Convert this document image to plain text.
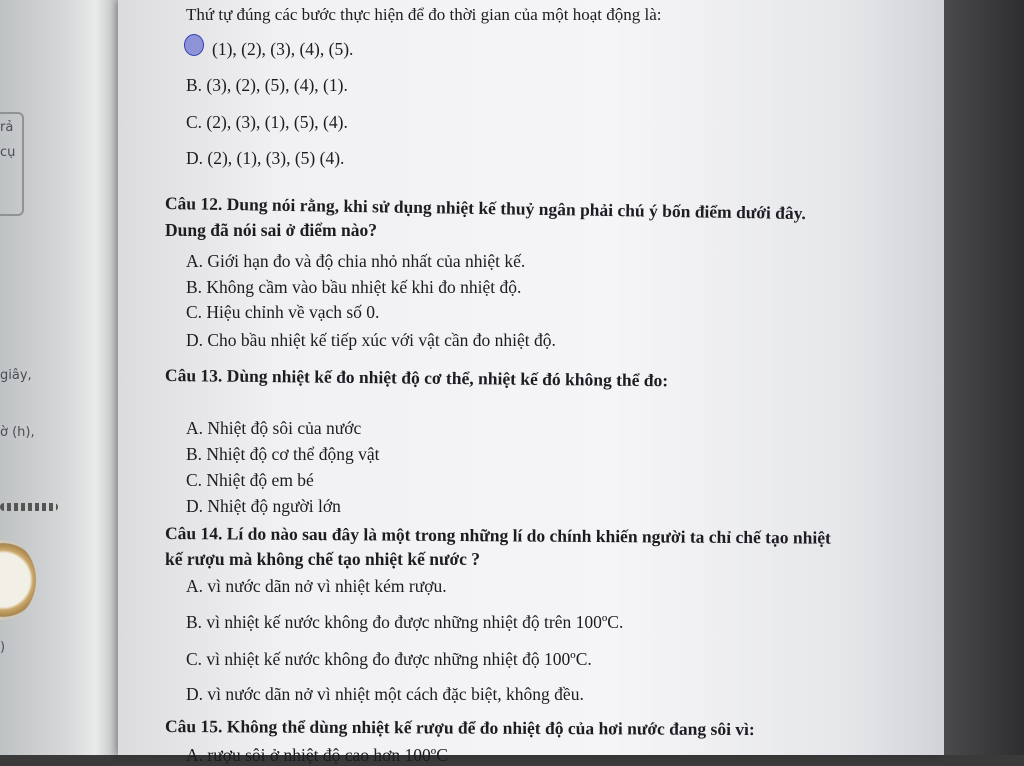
rả
cụ
giây,
ờ (h),
)
Thứ tự đúng các bước thực hiện để đo thời gian của một hoạt động là:
(1), (2), (3), (4), (5).
B. (3), (2), (5), (4), (1).
C. (2), (3), (1), (5), (4).
D. (2), (1), (3), (5) (4).
Câu 12. Dung nói rằng, khi sử dụng nhiệt kế thuỷ ngân phải chú ý bốn điểm dưới đây.
Dung đã nói sai ở điểm nào?
A. Giới hạn đo và độ chia nhỏ nhất của nhiệt kế.
B. Không cầm vào bầu nhiệt kế khi đo nhiệt độ.
C. Hiệu chỉnh về vạch số 0.
D. Cho bầu nhiệt kế tiếp xúc với vật cần đo nhiệt độ.
Câu 13. Dùng nhiệt kế đo nhiệt độ cơ thể, nhiệt kế đó không thể đo:
A. Nhiệt độ sôi của nước
B. Nhiệt độ cơ thể động vật
C. Nhiệt độ em bé
D. Nhiệt độ người lớn
Câu 14. Lí do nào sau đây là một trong những lí do chính khiến người ta chỉ chế tạo nhiệt
kế rượu mà không chế tạo nhiệt kế nước ?
A. vì nước dãn nở vì nhiệt kém rượu.
B. vì nhiệt kế nước không đo được những nhiệt độ trên 100ºC.
C. vì nhiệt kế nước không đo được những nhiệt độ 100ºC.
D. vì nước dãn nở vì nhiệt một cách đặc biệt, không đều.
Câu 15. Không thể dùng nhiệt kế rượu để đo nhiệt độ của hơi nước đang sôi vì:
A. rượu sôi ở nhiệt độ cao hơn 100ºC
